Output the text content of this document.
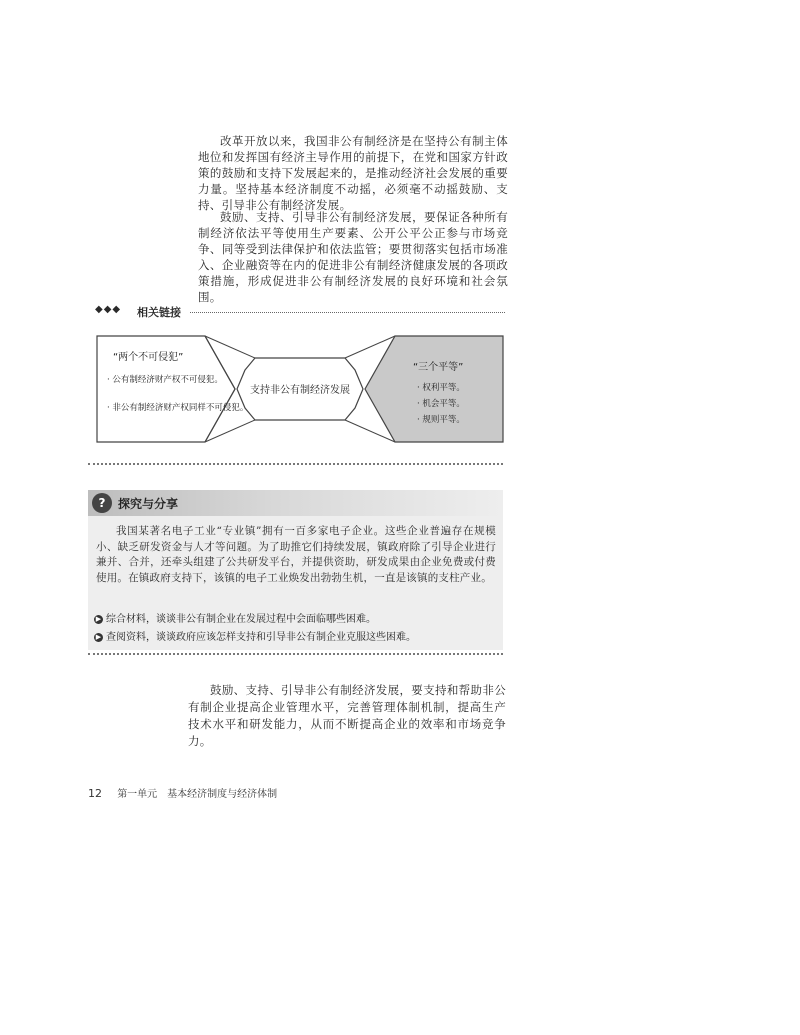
改革开放以来，我国非公有制经济是在坚持公有制主体地位和发挥国有经济主导作用的前提下，在党和国家方针政策的鼓励和支持下发展起来的，是推动经济社会发展的重要力量。坚持基本经济制度不动摇，必须毫不动摇鼓励、支持、引导非公有制经济发展。

鼓励、支持、引导非公有制经济发展，要保证各种所有制经济依法平等使用生产要素、公开公平公正参与市场竞争、同等受到法律保护和依法监管；要贯彻落实包括市场准入、企业融资等在内的促进非公有制经济健康发展的各项政策措施，形成促进非公有制经济发展的良好环境和社会氛围。

◆◆◆ 相关链接
“两个不可侵犯”
· 公有制经济财产权不可侵犯。
· 非公有制经济财产权同样不可侵犯。
支持非公有制经济发展
“三个平等”
· 权利平等。
· 机会平等。
· 规则平等。
?	探究与分享

我国某著名电子工业“专业镇”拥有一百多家电子企业。这些企业普遍存在规模小、缺乏研发资金与人才等问题。为了助推它们持续发展，镇政府除了引导企业进行兼并、合并，还牵头组建了公共研发平台，并提供资助，研发成果由企业免费或付费使用。在镇政府支持下，该镇的电子工业焕发出勃勃生机，一直是该镇的支柱产业。

▶ 综合材料，谈谈非公有制企业在发展过程中会面临哪些困难。
▶ 查阅资料，谈谈政府应该怎样支持和引导非公有制企业克服这些困难。

鼓励、支持、引导非公有制经济发展，要支持和帮助非公有制企业提高企业管理水平，完善管理体制机制，提高生产技术水平和研发能力，从而不断提高企业的效率和市场竞争力。

12 第一单元　基本经济制度与经济体制
